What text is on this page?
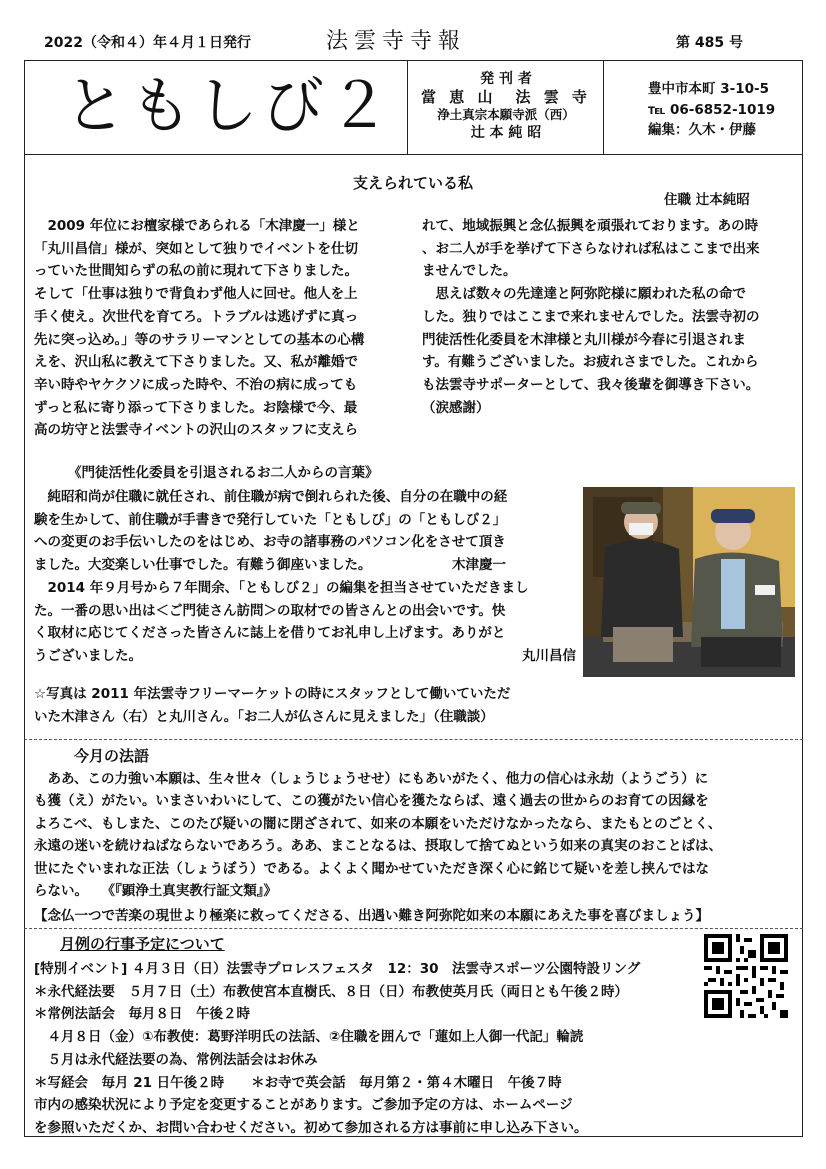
2022（令和４）年４月１日発行	法雲寺寺報	第 485 号
ともしび２	発 刊 者
當 恵 山　法 雲 寺
浄土真宗本願寺派（西）
辻 本 純 昭
豊中市本町 3-10-5
℡ 06-6852-1019
編集：久木・伊藤
支えられている私
住職 辻本純昭

　2009 年位にお檀家様であられる「木津慶一」様と

「丸川昌信」様が、突如として独りでイベントを仕切

っていた世間知らずの私の前に現れて下さりました。

そして「仕事は独りで背負わず他人に回せ。他人を上

手く使え。次世代を育てろ。トラブルは逃げずに真っ

先に突っ込め。」等のサラリーマンとしての基本の心構

えを、沢山私に教えて下さりました。又、私が離婚で

辛い時やヤケクソに成った時や、不治の病に成っても

ずっと私に寄り添って下さりました。お陰様で今、最

高の坊守と法雲寺イベントの沢山のスタッフに支えら

れて、地域振興と念仏振興を頑張れております。あの時

、お二人が手を挙げて下さらなければ私はここまで出来

ませんでした。

　思えば数々の先達達と阿弥陀様に願われた私の命で

した。独りではここまで来れませんでした。法雲寺初の

門徒活性化委員を木津様と丸川様が今春に引退されま

す。有難うございました。お疲れさまでした。これから

も法雲寺サポーターとして、我々後輩を御導き下さい。

（涙感謝）

《門徒活性化委員を引退されるお二人からの言葉》

　純昭和尚が住職に就任され、前住職が病で倒れられた後、自分の在職中の経

験を生かして、前住職が手書きで発行していた「ともしび」の「ともしび２」

への変更のお手伝いしたのをはじめ、お寺の諸事務のパソコン化をさせて頂き

ました。大変楽しい仕事でした。有難う御座いました。	木津慶一

　2014 年９月号から７年間余、「ともしび２」の編集を担当させていただきまし

た。一番の思い出は＜ご門徒さん訪問＞の取材での皆さんとの出会いです。快

く取材に応じてくださった皆さんに誌上を借りてお礼申し上げます。ありがと

うございました。	丸川昌信

☆写真は 2011 年法雲寺フリーマーケットの時にスタッフとして働いていただ
いた木津さん（右）と丸川さん。「お二人が仏さんに見えました」（住職談）
今月の法語

　ああ、この力強い本願は、生々世々（しょうじょうせせ）にもあいがたく、他力の信心は永劫（ようごう）に

も獲（え）がたい。いまさいわいにして、この獲がたい信心を獲たならば、遠く過去の世からのお育ての因縁を

よろこべ、もしまた、このたび疑いの闇に閉ざされて、如来の本願をいただけなかったなら、またもとのごとく、

永遠の迷いを続けねばならないであろう。ああ、まことなるは、摂取して捨てぬという如来の真実のおことばは、

世にたぐいまれな正法（しょうぼう）である。よくよく聞かせていただき深く心に銘じて疑いを差し挟んではな

らない。　　《『顕浄土真実教行証文類』》

【念仏一つで苦楽の現世より極楽に救ってくださる、出遇い難き阿弥陀如来の本願にあえた事を喜びましょう】
月例の行事予定について
[特別イベント] ４月３日（日）法雲寺プロレスフェスタ　12：30　法雲寺スポーツ公園特設リング
＊永代経法要　５月７日（土）布教使宮本直樹氏、８日（日）布教使英月氏（両日とも午後２時）
＊常例法話会　毎月８日　午後２時
　４月８日（金）①布教使：葛野洋明氏の法話、②住職を囲んで「蓮如上人御一代記」輪読
　５月は永代経法要の為、常例法話会はお休み
＊写経会　毎月 21 日午後２時　　＊お寺で英会話　毎月第２・第４木曜日　午後７時
市内の感染状況により予定を変更することがあります。ご参加予定の方は、ホームページ
を参照いただくか、お問い合わせください。初めて参加される方は事前に申し込み下さい。
